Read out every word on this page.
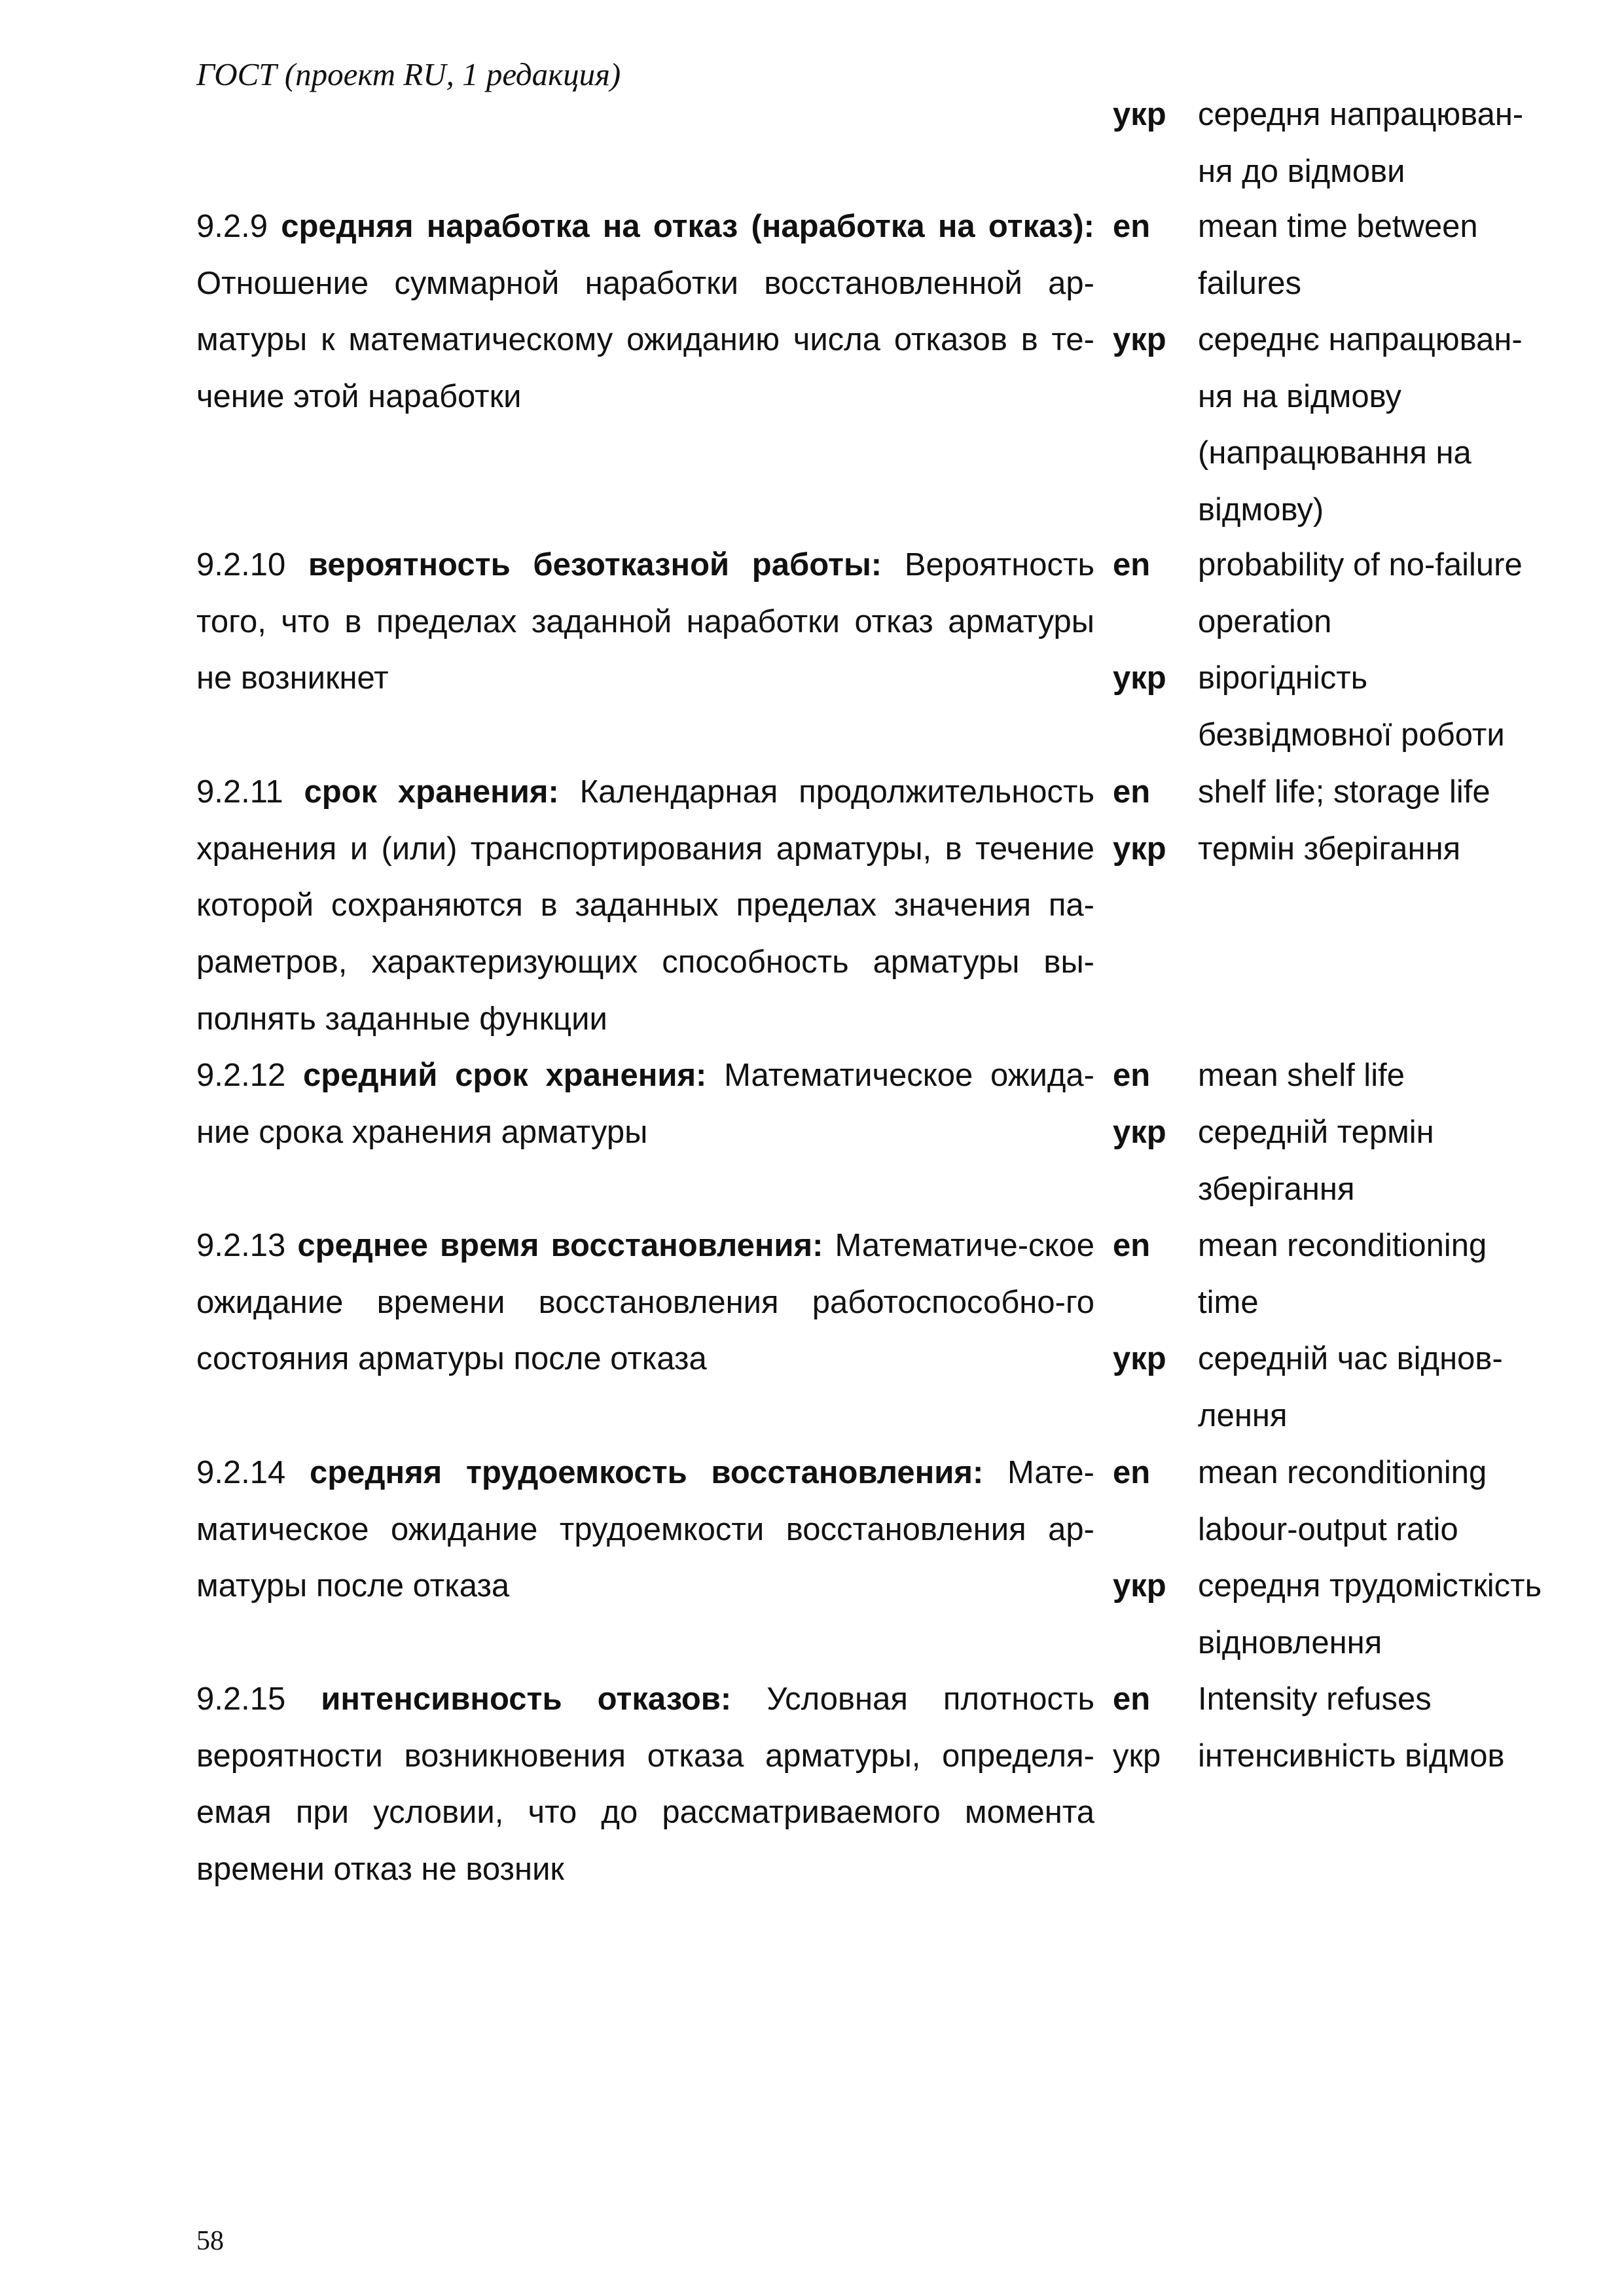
ГОСТ (проект RU, 1 редакция)
укр середня напрацюван-ня до відмови
9.2.9 средняя наработка на отказ (наработка на отказ): Отношение суммарной наработки восстановленной ар-матуры к математическому ожиданию числа отказов в те-чение этой наработки
en	mean time between failures
укр середнє напрацюван-ня на відмову (напрацювання на відмову)
9.2.10 вероятность безотказной работы: Вероятность того, что в пределах заданной наработки отказ арматуры не возникнет
en	probability of no-failure operation
укр вірогідність безвідмовної роботи
9.2.11 срок хранения: Календарная продолжительность хранения и (или) транспортирования арматуры, в течение которой сохраняются в заданных пределах значения па-раметров, характеризующих способность арматуры вы-полнять заданные функции
en	shelf life; storage life
укр термін зберігання
9.2.12 средний срок хранения: Математическое ожида-ние срока хранения арматуры
en	mean shelf life
укр середній термін зберігання
9.2.13 среднее время восстановления: Математиче-ское ожидание времени восстановления работоспособно-го состояния арматуры после отказа
en	mean reconditioning time
укр середній час віднов-лення
9.2.14 средняя трудоемкость восстановления: Мате-матическое ожидание трудоемкости восстановления ар-матуры после отказа
en	mean reconditioning labour-output ratio
укр середня трудомісткість відновлення
9.2.15 интенсивность отказов: Условная плотность вероятности возникновения отказа арматуры, определя-емая при условии, что до рассматриваемого момента времени отказ не возник
en	Intensity refuses
укр	інтенсивність відмов
58
